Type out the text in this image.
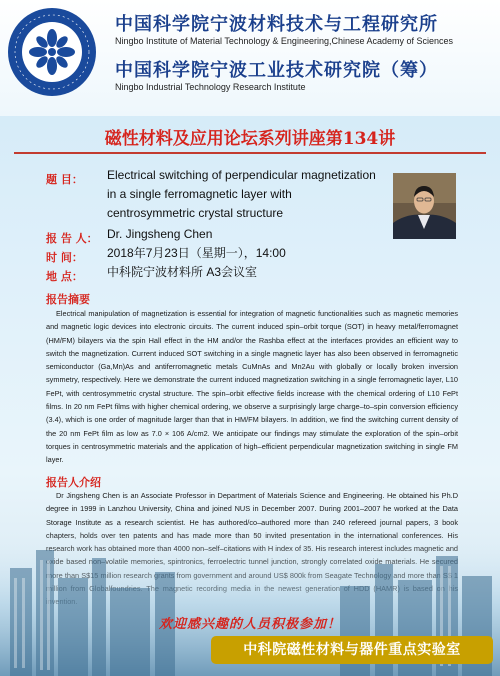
中国科学院宁波材料技术与工程研究所
Ningbo Institute of Material Technology & Engineering,Chinese Academy of Sciences
中国科学院宁波工业技术研究院（筹）
Ningbo Industrial Technology Research Institute
磁性材料及应用论坛系列讲座第134讲
题 目： Electrical switching of perpendicular magnetization in a single ferromagnetic layer with centrosymmetric crystal structure
报 告 人： Dr. Jingsheng Chen
时 间： 2018年7月23日（星期一），14:00
地 点： 中科院宁波材料所 A3会议室
报告摘要
Electrical manipulation of magnetization is essential for integration of magnetic functionalities such as magnetic memories and magnetic logic devices into electronic circuits. The current induced spin–orbit torque (SOT) in heavy metal/ferromagnet (HM/FM) bilayers via the spin Hall effect in the HM and/or the Rashba effect at the interfaces provides an efficient way to switch the magnetization. Current induced SOT switching in a single magnetic layer has also been observed in ferromagnetic semiconductor (Ga,Mn)As and antiferromagnetic metals CuMnAs and Mn2Au with globally or locally broken inversion symmetry, respectively. Here we demonstrate the current induced magnetization switching in a single ferromagnetic layer, L10 FePt, with centrosymmetric crystal structure. The spin–orbit effective fields increase with the chemical ordering of L10 FePt films. In 20 nm FePt films with higher chemical ordering, we observe a surprisingly large charge–to–spin conversion efficiency (3.4), which is one order of magnitude larger than that in HM/FM bilayers. In addition, we find the switching current density of the 20 nm FePt film as low as 7.0 × 106 A/cm2. We anticipate our findings may stimulate the exploration of the spin–orbit torques in centrosymmetric materials and the application of high–efficient perpendicular magnetization switching in single FM layer.
报告人介绍
Dr Jingsheng Chen is an Associate Professor in Department of Materials Science and Engineering. He obtained his Ph.D degree in 1999 in Lanzhou University, China and joined NUS in December 2007. During 2001–2007 he worked at the Data Storage Institute as a research scientist. He has authored/co–authored more than 240 refereed journal papers, 3 book
欢迎感兴趣的人员积极参加！
中科院磁性材料与器件重点实验室
